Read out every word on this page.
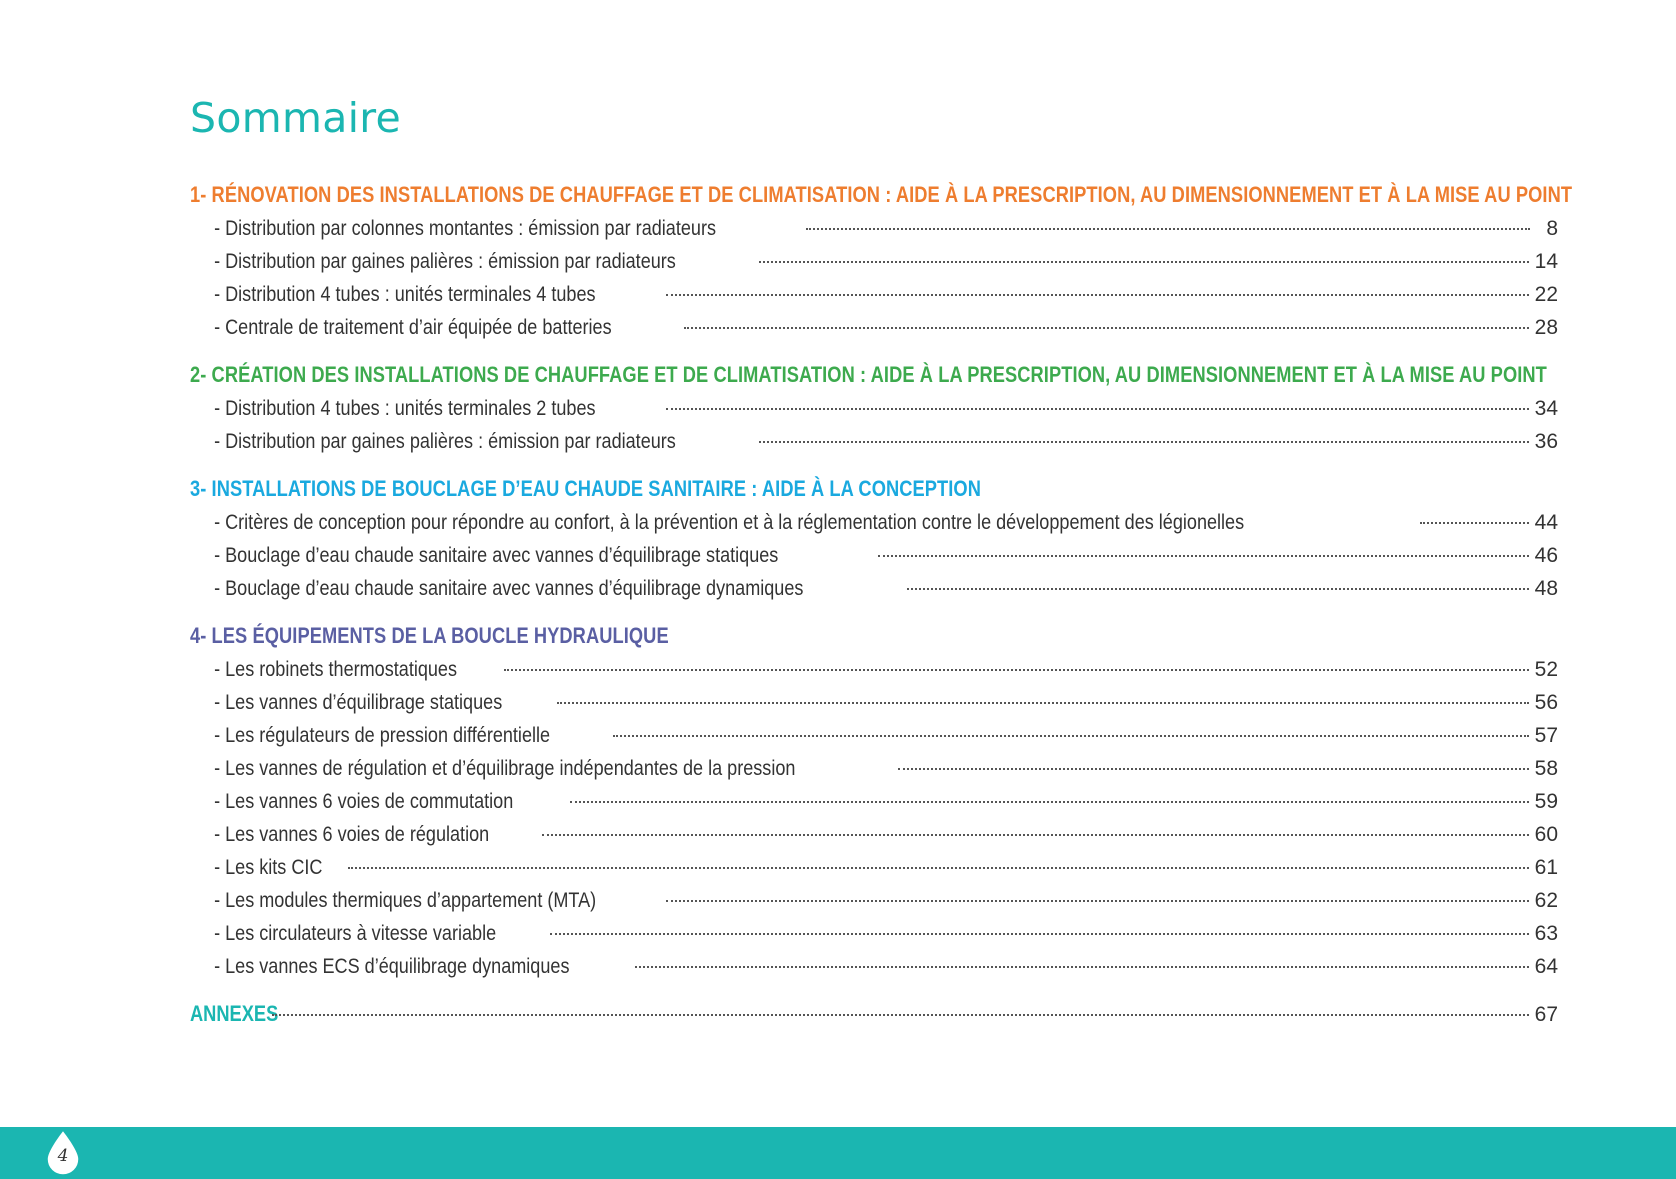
Sommaire
1- RÉNOVATION DES INSTALLATIONS DE CHAUFFAGE ET DE CLIMATISATION : AIDE À LA PRESCRIPTION, AU DIMENSIONNEMENT ET À LA MISE AU POINT
- Distribution par colonnes montantes : émission par radiateurs	8
- Distribution par gaines palières : émission par radiateurs	14
- Distribution 4 tubes : unités terminales 4 tubes	22
- Centrale de traitement d’air équipée de batteries	28
2- CRÉATION DES INSTALLATIONS DE CHAUFFAGE ET DE CLIMATISATION : AIDE À LA PRESCRIPTION, AU DIMENSIONNEMENT ET À LA MISE AU POINT
- Distribution 4 tubes : unités terminales 2 tubes	34
- Distribution par gaines palières : émission par radiateurs	36
3- INSTALLATIONS DE BOUCLAGE D’EAU CHAUDE SANITAIRE : AIDE À LA CONCEPTION
- Critères de conception pour répondre au confort, à la prévention et à la réglementation contre le développement des légionelles	44
- Bouclage d’eau chaude sanitaire avec vannes d’équilibrage statiques	46
- Bouclage d’eau chaude sanitaire avec vannes d’équilibrage dynamiques	48
4- LES ÉQUIPEMENTS DE LA BOUCLE HYDRAULIQUE
- Les robinets thermostatiques	52
- Les vannes d’équilibrage statiques	56
- Les régulateurs de pression différentielle	57
- Les vannes de régulation et d’équilibrage indépendantes de la pression	58
- Les vannes 6 voies de commutation	59
- Les vannes 6 voies de régulation	60
- Les kits CIC	61
- Les modules thermiques d’appartement (MTA)	62
- Les circulateurs à vitesse variable	63
- Les vannes ECS d’équilibrage dynamiques	64
ANNEXES	67
4
